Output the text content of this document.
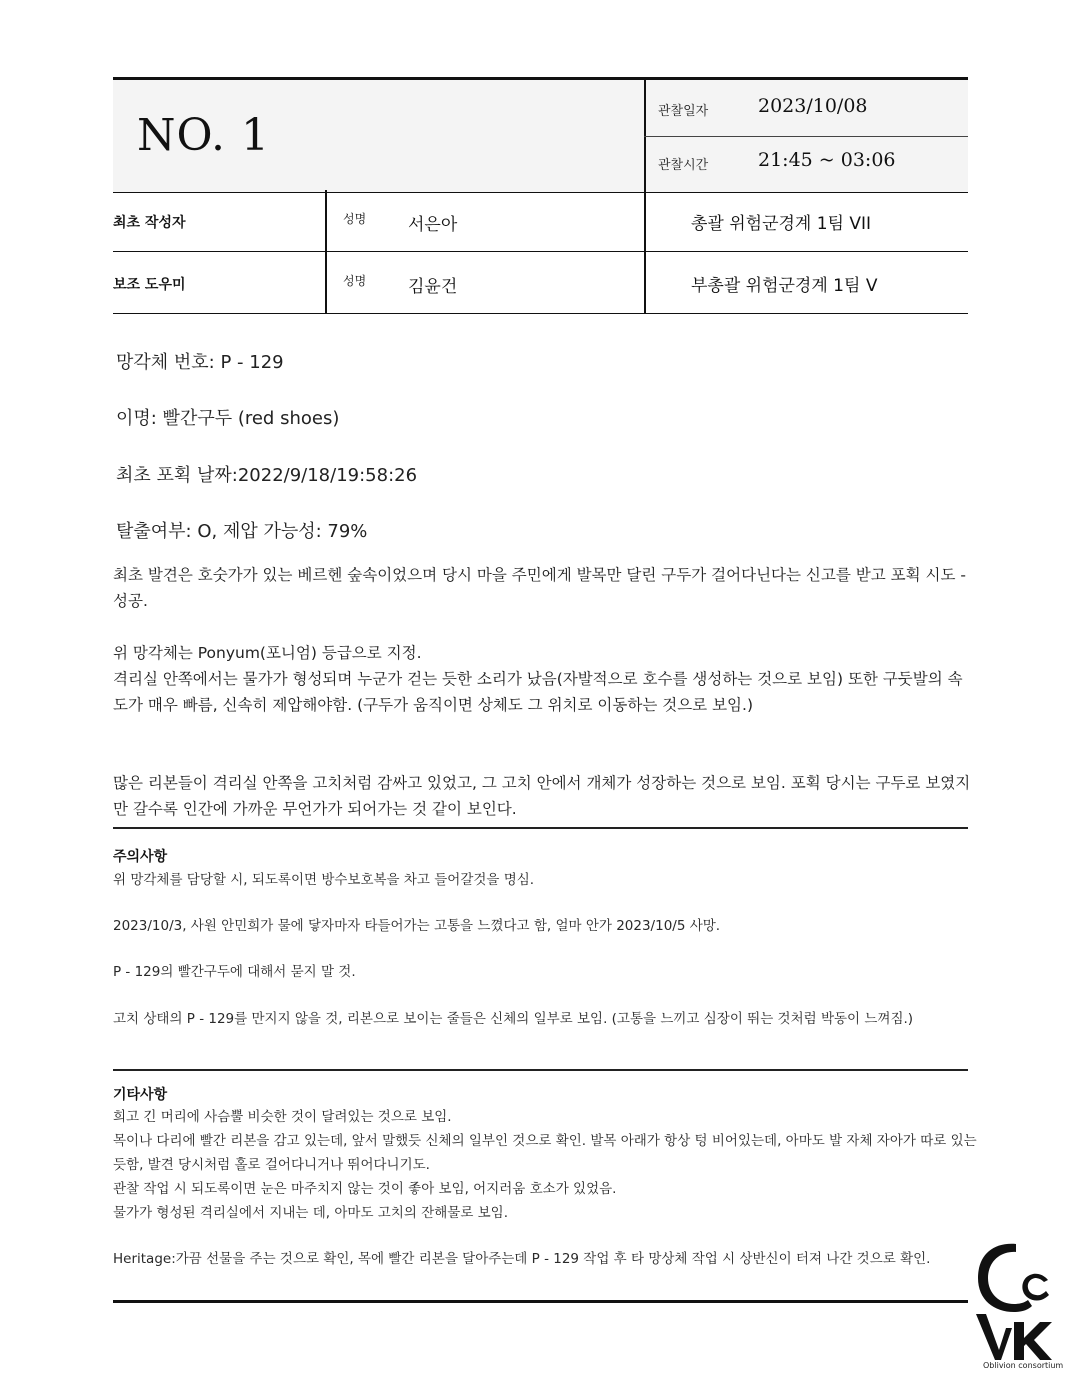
NO. 1	관찰일자	2023/10/08
관찰시간	21:45 ~ 03:06
최초 작성자	성명 서은아	총괄 위험군경계 1팀 VII
보조 도우미	성명 김윤건	부총괄 위험군경계 1팀 V
망각체 번호: P - 129
이명: 빨간구두 (red shoes)
최초 포획 날짜:2022/9/18/19:58:26
탈출여부: O, 제압 가능성: 79%

최초 발견은 호숫가가 있는 베르헨 숲속이었으며 당시 마을 주민에게 발목만 달린 구두가 걸어다닌다는 신고를 받고 포획 시도 - 성공.

위 망각체는 Ponyum(포니엄) 등급으로 지정.

격리실 안쪽에서는 물가가 형성되며 누군가 걷는 듯한 소리가 났음(자발적으로 호수를 생성하는 것으로 보임) 또한 구둣발의 속도가 매우 빠름, 신속히 제압해야함. (구두가 움직이면 상체도 그 위치로 이동하는 것으로 보임.)

많은 리본들이 격리실 안쪽을 고치처럼 감싸고 있었고, 그 고치 안에서 개체가 성장하는 것으로 보임. 포획 당시는 구두로 보였지만 갈수록 인간에 가까운 무언가가 되어가는 것 같이 보인다.

주의사항

위 망각체를 담당할 시, 되도록이면 방수보호복을 차고 들어갈것을 명심.

2023/10/3, 사원 안민희가 물에 닿자마자 타들어가는 고통을 느꼈다고 함, 얼마 안가 2023/10/5 사망.

P - 129의 빨간구두에 대해서 묻지 말 것.

고치 상태의 P - 129를 만지지 않을 것, 리본으로 보이는 줄들은 신체의 일부로 보임. (고통을 느끼고 심장이 뛰는 것처럼 박동이 느껴짐.)

기타사항

희고 긴 머리에 사슴뿔 비슷한 것이 달려있는 것으로 보임.

목이나 다리에 빨간 리본을 감고 있는데, 앞서 말했듯 신체의 일부인 것으로 확인. 발목 아래가 항상 텅 비어있는데, 아마도 발 자체 자아가 따로 있는 듯함, 발견 당시처럼 홀로 걸어다니거나 뛰어다니기도.

관찰 작업 시 되도록이면 눈은 마주치지 않는 것이 좋아 보임, 어지러움 호소가 있었음.

물가가 형성된 격리실에서 지내는 데, 아마도 고치의 잔해물로 보임.

Heritage:가끔 선물을 주는 것으로 확인, 목에 빨간 리본을 달아주는데 P - 129 작업 후 타 망상체 작업 시 상반신이 터져 나간 것으로 확인.

Oblivion consortium
